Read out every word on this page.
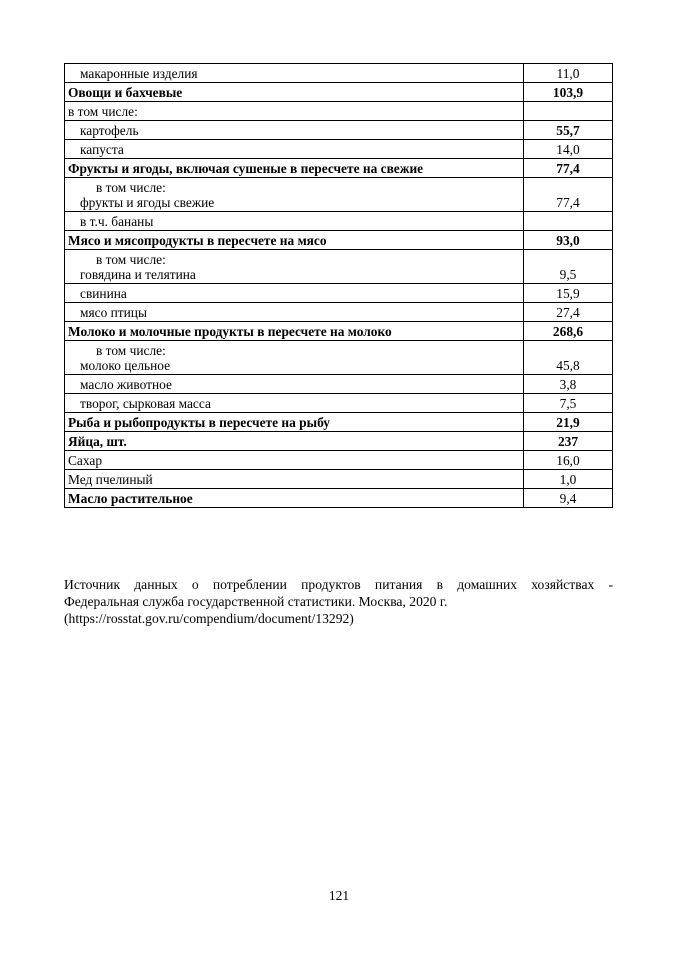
макаронные изделия	11,0
Овощи и бахчевые	103,9
в том числе:	
картофель	55,7
капуста	14,0
Фрукты и ягоды, включая сушеные в пересчете на свежие	77,4

в том числе:
фрукты и ягоды свежие	77,4
в т.ч. бананы	
Мясо и мясопродукты в пересчете на мясо	93,0

в том числе:
говядина и телятина	9,5
свинина	15,9
мясо птицы	27,4
Молоко и молочные продукты в пересчете на молоко	268,6

в том числе:
молоко цельное	45,8
масло животное	3,8
творог, сырковая масса	7,5
Рыба и рыбопродукты в пересчете на рыбу	21,9
Яйца, шт.	237
Сахар	16,0
Мед пчелиный	1,0
Масло растительное	9,4
Источник данных о потреблении продуктов питания в домашних хозяйствах -
Федеральная служба государственной статистики. Москва, 2020 г.
(https://rosstat.gov.ru/compendium/document/13292)
121
